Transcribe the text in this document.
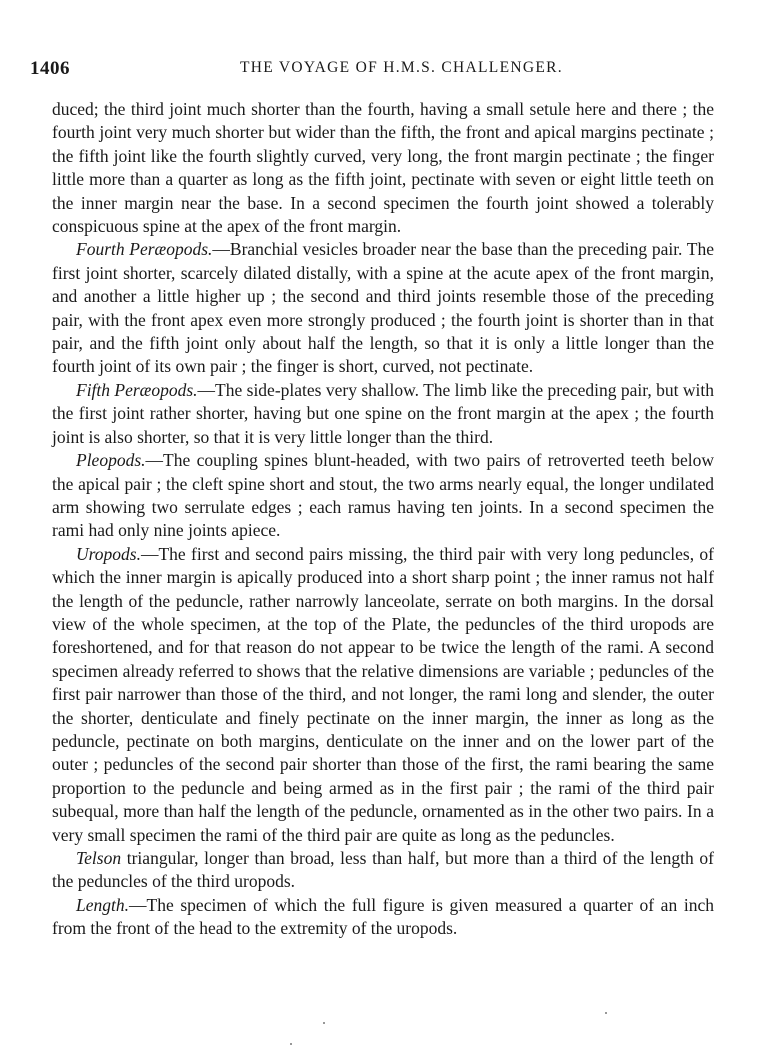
1406	THE VOYAGE OF H.M.S. CHALLENGER.

duced; the third joint much shorter than the fourth, having a small setule here and there ; the fourth joint very much shorter but wider than the fifth, the front and apical margins pectinate ; the fifth joint like the fourth slightly curved, very long, the front margin pectinate ; the finger little more than a quarter as long as the fifth joint, pectinate with seven or eight little teeth on the inner margin near the base. In a second specimen the fourth joint showed a tolerably conspicuous spine at the apex of the front margin.

Fourth Peræopods.—Branchial vesicles broader near the base than the preceding pair. The first joint shorter, scarcely dilated distally, with a spine at the acute apex of the front margin, and another a little higher up ; the second and third joints resemble those of the preceding pair, with the front apex even more strongly produced ; the fourth joint is shorter than in that pair, and the fifth joint only about half the length, so that it is only a little longer than the fourth joint of its own pair ; the finger is short, curved, not pectinate.

Fifth Peræopods.—The side-plates very shallow. The limb like the preceding pair, but with the first joint rather shorter, having but one spine on the front margin at the apex ; the fourth joint is also shorter, so that it is very little longer than the third.

Pleopods.—The coupling spines blunt-headed, with two pairs of retroverted teeth below the apical pair ; the cleft spine short and stout, the two arms nearly equal, the longer undilated arm showing two serrulate edges ; each ramus having ten joints. In a second specimen the rami had only nine joints apiece.

Uropods.—The first and second pairs missing, the third pair with very long peduncles, of which the inner margin is apically produced into a short sharp point ; the inner ramus not half the length of the peduncle, rather narrowly lanceolate, serrate on both margins. In the dorsal view of the whole specimen, at the top of the Plate, the peduncles of the third uropods are foreshortened, and for that reason do not appear to be twice the length of the rami. A second specimen already referred to shows that the relative dimensions are variable ; peduncles of the first pair narrower than those of the third, and not longer, the rami long and slender, the outer the shorter, denticulate and finely pectinate on the inner margin, the inner as long as the peduncle, pectinate on both margins, denticulate on the inner and on the lower part of the outer ; peduncles of the second pair shorter than those of the first, the rami bearing the same proportion to the peduncle and being armed as in the first pair ; the rami of the third pair subequal, more than half the length of the peduncle, ornamented as in the other two pairs. In a very small specimen the rami of the third pair are quite as long as the peduncles.

Telson triangular, longer than broad, less than half, but more than a third of the length of the peduncles of the third uropods.

Length.—The specimen of which the full figure is given measured a quarter of an inch from the front of the head to the extremity of the uropods.
